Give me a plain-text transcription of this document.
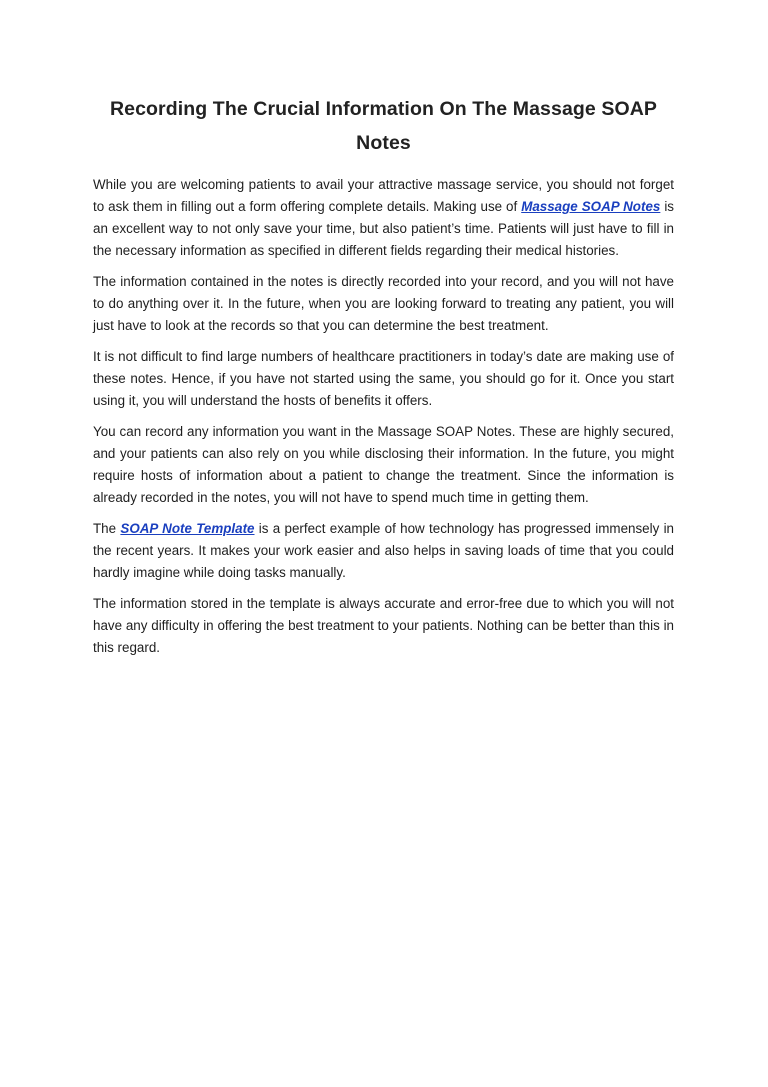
Recording The Crucial Information On The Massage SOAP Notes

While you are welcoming patients to avail your attractive massage service, you should not forget to ask them in filling out a form offering complete details. Making use of Massage SOAP Notes is an excellent way to not only save your time, but also patient’s time. Patients will just have to fill in the necessary information as specified in different fields regarding their medical histories.

The information contained in the notes is directly recorded into your record, and you will not have to do anything over it. In the future, when you are looking forward to treating any patient, you will just have to look at the records so that you can determine the best treatment.

It is not difficult to find large numbers of healthcare practitioners in today’s date are making use of these notes. Hence, if you have not started using the same, you should go for it. Once you start using it, you will understand the hosts of benefits it offers.

You can record any information you want in the Massage SOAP Notes. These are highly secured, and your patients can also rely on you while disclosing their information. In the future, you might require hosts of information about a patient to change the treatment. Since the information is already recorded in the notes, you will not have to spend much time in getting them.

The SOAP Note Template is a perfect example of how technology has progressed immensely in the recent years. It makes your work easier and also helps in saving loads of time that you could hardly imagine while doing tasks manually.

The information stored in the template is always accurate and error-free due to which you will not have any difficulty in offering the best treatment to your patients. Nothing can be better than this in this regard.
